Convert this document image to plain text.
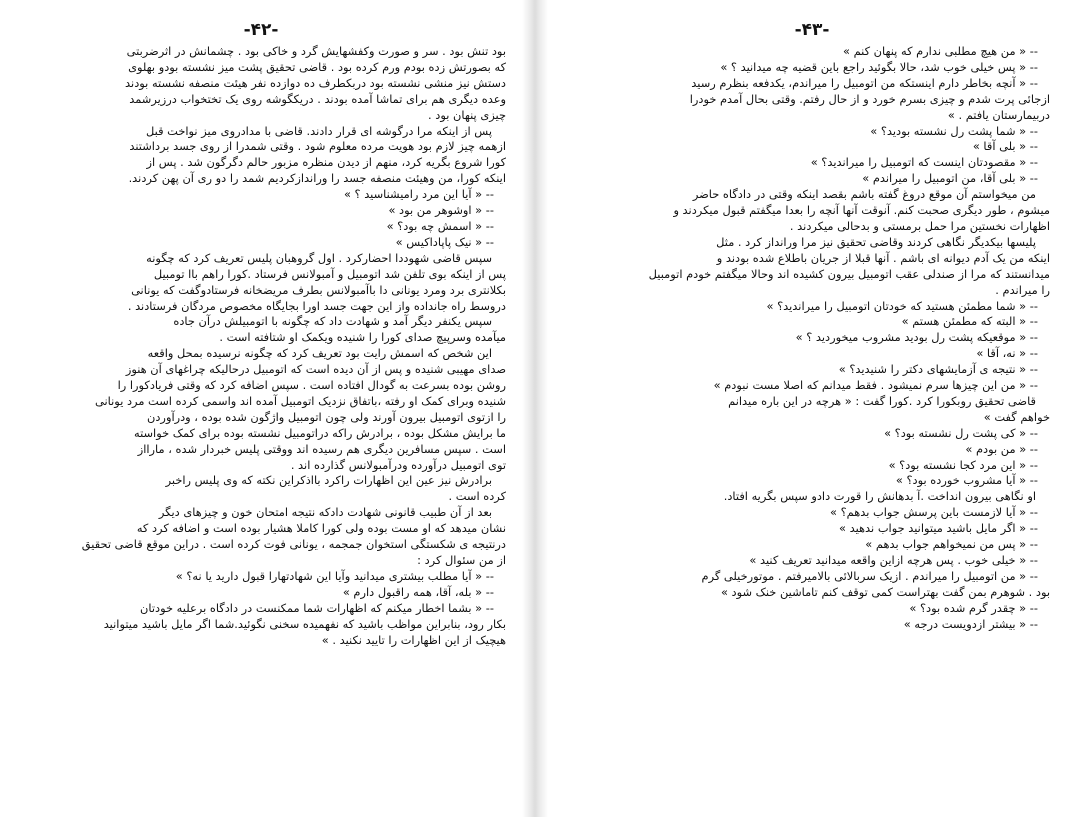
-۴۲-
بود تنش بود . سر و صورت وکفشهایش گرد و خاکی بود . چشمانش در اثرضربتی
که بصورتش زده بودم ورم کرده بود . قاضی تحقیق پشت میز نشسته بودو بهلوی
دستش نیز منشی نشسته بود دربکطرف ده دوازده نفر هیئت منصفه نشسته بودند
وعده دیگری هم برای تماشا آمده بودند . دریکگوشه روی یک تختخواب درزیرشمد
چیزی پنهان بود .
پس از اینکه مرا درگوشه ای قرار دادند. قاضی با مدادروی میز نواخت قبل
ازهمه چیز لازم بود هویت مرده معلوم شود . وقتی شمدرا از روی جسد برداشتند
کورا شروع بگریه کرد، منهم از دیدن منظره مزبور حالم دگرگون شد . پس از
اینکه کورا، من وهیئت منصفه جسد را وراندازکردیم شمد را دو ری آن پهن کردند.
-- « آیا این مرد رامیشناسید ؟ »
-- « اوشوهر من بود »
-- « اسمش چه بود؟ »
-- « نیک پاپاداکیس »
سپس قاضی شهوددا احضارکرد . اول گروهبان پلیس تعریف کرد که چگونه
پس از اینکه بوی تلفن شد اتومبیل و آمبولانس فرستاد .کورا راهم باا تومبیل
بکلانتری برد ومرد یونانی دا باآمبولانس بطرف مریضخانه فرستادوگفت که یونانی
دروسط راه جانداده واز این جهت جسد اورا بجایگاه مخصوص مردگان فرستادند .
سپس یکنفر دیگر آمد و شهادت داد که چگونه با اتومبیلش درآن جاده
میآمده وسرپیچ صدای کورا را شنیده ویکمک او شتافته است .
این شخص که اسمش رایت بود تعریف کرد که چگونه نرسیده بمحل واقعه
صدای مهیبی شنیده و پس از آن دیده است که اتومبیل درحالیکه چراغهای آن هنوز
روشن بوده بسرعت به گودال افتاده است . سپس اضافه کرد که وقتی فریادکورا را
شنیده وبرای کمک او رفته ،باتفاق نزدیک اتومبیل آمده اند واسمی کرده است مرد یونانی
را ازتوی اتومبیل بیرون آورند ولی چون اتومبیل واژگون شده بوده ، ودرآوردن
ما برایش مشکل بوده ، برادرش راکه دراتومبیل نشسته بوده برای کمک خواسته
است . سپس مسافرین دیگری هم رسیده اند ووقتی پلیس خبردار شده ، مارااز
توی اتومبیل درآورده ودرآمبولانس گذارده اند .
برادرش نیز عین این اظهارات راکرد بااذکراین نکته که وی پلیس راخبر
کرده است .
بعد از آن طبیب قانونی شهادت دادکه نتیجه امتحان خون و چیزهای دیگر
نشان میدهد که او مست بوده ولی کورا کاملا هشیار بوده است و اضافه کرد که
درنتیجه ی شکستگی استخوان جمجمه ، یونانی فوت کرده است . دراین موقع قاضی تحقیق
از من سئوال کرد :
-- « آیا مطلب بیشتری میدانید وآیا این شهادتهارا قبول دارید یا نه؟ »
-- « بله، آقا، همه راقبول دارم »
-- « بشما اخطار میکنم که اظهارات شما ممکنست در دادگاه برعلیه خودتان
بکار رود، بنابراین مواظب باشید که نفهمیده سخنی نگوئید.شما اگر مایل باشید میتوانید
هیچیک از این اظهارات را تایید نکنید . »
-۴۳-
-- « من هیچ مطلبی ندارم که پنهان کنم »
-- « پس خیلی خوب شد، حالا بگوئید راجع باین قضیه چه میدانید ؟ »
-- « آنچه بخاطر دارم اینستکه من اتومبیل را میراندم، یکدفعه بنظرم رسید
ازجائی پرت شدم و چیزی بسرم خورد و از حال رفتم. وقتی بحال آمدم خودرا
دربیمارستان یافتم . »
-- « شما پشت رل نشسته بودید؟ »
-- « بلی آقا »
-- « مقصودتان اینست که اتومبیل را میراندید؟ »
-- « بلی آقا، من اتومبیل را میراندم »
من میخواستم آن موقع دروغ گفته باشم بقصد اینکه وقتی در دادگاه حاضر
میشوم ، طور دیگری صحبت کنم. آنوقت آنها آنچه را بعدا میگفتم قبول میکردند و
اظهارات نخستین مرا حمل برمستی و بدحالی میکردند .
پلیسها بیکدیگر نگاهی کردند وقاضی تحقیق نیز مرا ورانداز کرد . مثل
اینکه من یک آدم دیوانه ای باشم . آنها قبلا از جریان باطلاع شده بودند و
میدانستند که مرا از صندلی عقب اتومبیل بیرون کشیده اند وحالا میگفتم خودم اتومبیل
را میراندم .
-- « شما مطمئن هستید که خودتان اتومبیل را میراندید؟ »
-- « البته که مطمئن هستم »
-- « موقعیکه پشت رل بودید مشروب میخوردید ؟ »
-- « نه، آقا »
-- « نتیجه ی آزمایشهای دکتر را شنیدید؟ »
-- « من این چیزها سرم نمیشود . فقط میدانم که اصلا مست نبودم »
قاضی تحقیق روبکورا کرد .کورا گفت : « هرچه در این باره میدانم
خواهم گفت »
-- « کی پشت رل نشسته بود؟ »
-- « من بودم »
-- « این مرد کجا نشسته بود؟ »
-- « آیا مشروب خورده بود؟ »
او نگاهی بیرون انداخت .آ بدهانش را قورت دادو سپس بگریه افتاد.
-- « آیا لازمست باین پرسش جواب بدهم؟ »
-- « اگر مایل باشید میتوانید جواب ندهید »
-- « پس من نمیخواهم جواب بدهم »
-- « خیلی خوب . پس هرچه ازاین واقعه میدانید تعریف کنید »
-- « من اتومبیل را میراندم . ازیک سربالائی بالامیرفتم . موتورخیلی گرم
بود . شوهرم بمن گفت بهتراست کمی توقف کنم تاماشین خنک شود »
-- « چقدر گرم شده بود؟ »
-- « بیشتر ازدویست درجه »
